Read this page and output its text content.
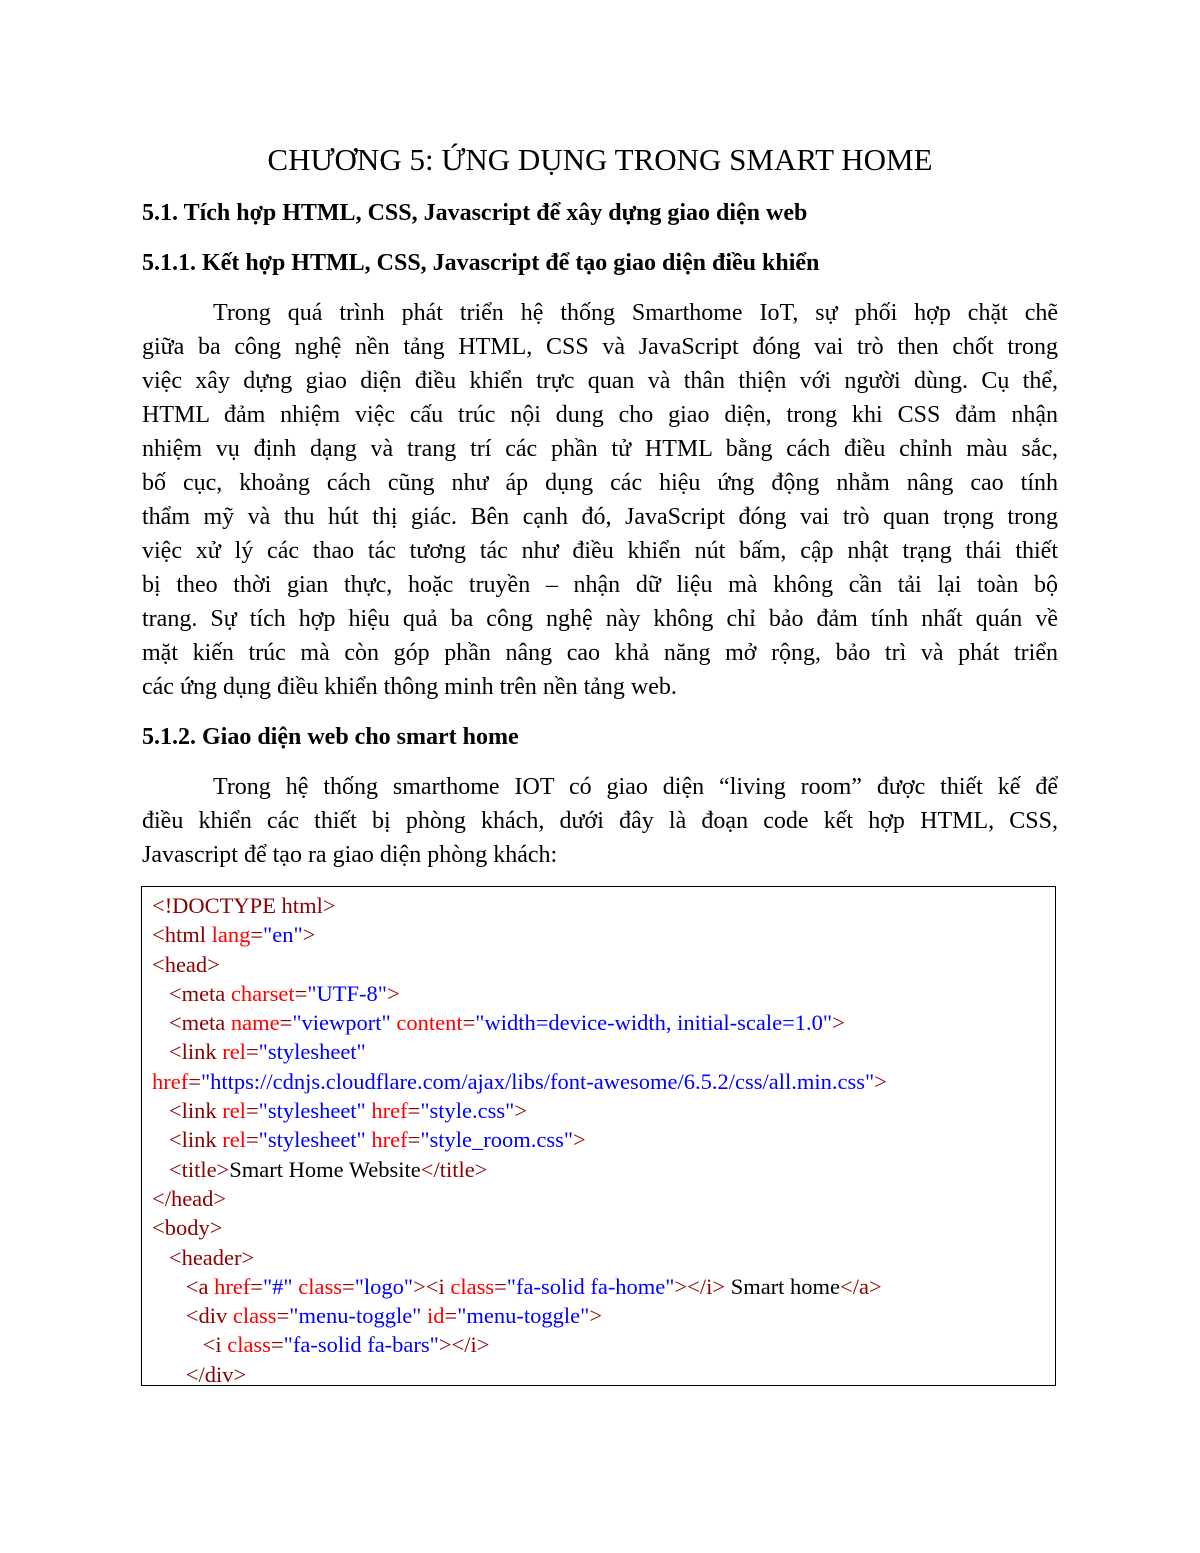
CHƯƠNG 5: ỨNG DỤNG TRONG SMART HOME
5.1. Tích hợp HTML, CSS, Javascript để xây dựng giao diện web
5.1.1. Kết hợp HTML, CSS, Javascript để tạo giao diện điều khiển
Trong quá trình phát triển hệ thống Smarthome IoT, sự phối hợp chặt chẽ
giữa ba công nghệ nền tảng HTML, CSS và JavaScript đóng vai trò then chốt trong
việc xây dựng giao diện điều khiển trực quan và thân thiện với người dùng. Cụ thể,
HTML đảm nhiệm việc cấu trúc nội dung cho giao diện, trong khi CSS đảm nhận
nhiệm vụ định dạng và trang trí các phần tử HTML bằng cách điều chỉnh màu sắc,
bố cục, khoảng cách cũng như áp dụng các hiệu ứng động nhằm nâng cao tính
thẩm mỹ và thu hút thị giác. Bên cạnh đó, JavaScript đóng vai trò quan trọng trong
việc xử lý các thao tác tương tác như điều khiển nút bấm, cập nhật trạng thái thiết
bị theo thời gian thực, hoặc truyền – nhận dữ liệu mà không cần tải lại toàn bộ
trang. Sự tích hợp hiệu quả ba công nghệ này không chỉ bảo đảm tính nhất quán về
mặt kiến trúc mà còn góp phần nâng cao khả năng mở rộng, bảo trì và phát triển
các ứng dụng điều khiển thông minh trên nền tảng web.
5.1.2. Giao diện web cho smart home
Trong hệ thống smarthome IOT có giao diện “living room” được thiết kế để
điều khiển các thiết bị phòng khách, dưới đây là đoạn code kết hợp HTML, CSS,
Javascript để tạo ra giao diện phòng khách:
<!DOCTYPE html>
<html lang="en">
<head>
<meta charset="UTF-8">
<meta name="viewport" content="width=device-width, initial-scale=1.0">
<link rel="stylesheet"
href="https://cdnjs.cloudflare.com/ajax/libs/font-awesome/6.5.2/css/all.min.css">
<link rel="stylesheet" href="style.css">
<link rel="stylesheet" href="style_room.css">
<title>Smart Home Website</title>
</head>
<body>
<header>
<a href="#" class="logo"><i class="fa-solid fa-home"></i> Smart home</a>
<div class="menu-toggle" id="menu-toggle">
<i class="fa-solid fa-bars"></i>
</div>
